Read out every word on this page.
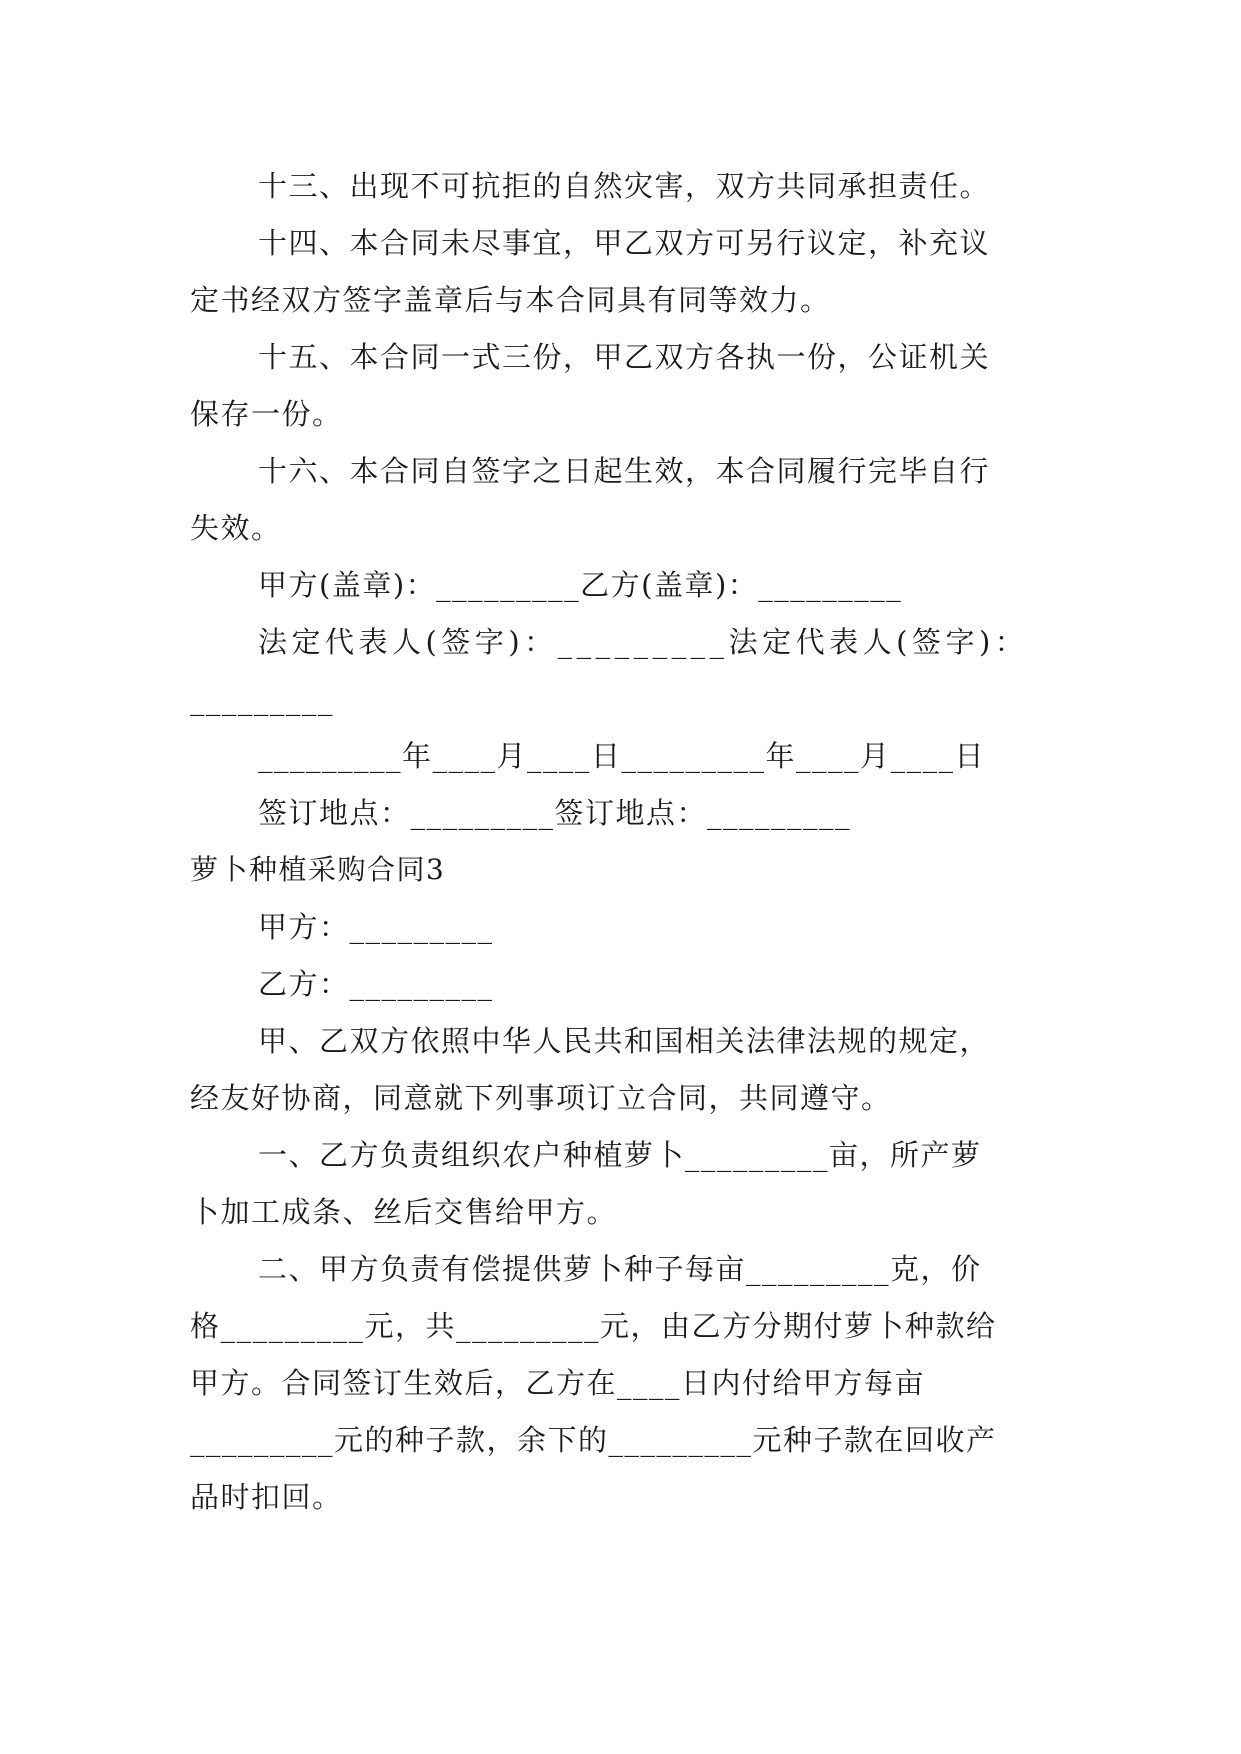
十三、出现不可抗拒的自然灾害，双方共同承担责任。
十四、本合同未尽事宜，甲乙双方可另行议定，补充议
定书经双方签字盖章后与本合同具有同等效力。
十五、本合同一式三份，甲乙双方各执一份，公证机关
保存一份。
十六、本合同自签字之日起生效，本合同履行完毕自行
失效。
甲方(盖章)：_________乙方(盖章)：_________
法定代表人(签字)：_________法定代表人(签字)：
_________
_________年____月____日_________年____月____日
签订地点：_________签订地点：_________
萝卜种植采购合同3
甲方：_________
乙方：_________
甲、乙双方依照中华人民共和国相关法律法规的规定，
经友好协商，同意就下列事项订立合同，共同遵守。
一、乙方负责组织农户种植萝卜_________亩，所产萝
卜加工成条、丝后交售给甲方。
二、甲方负责有偿提供萝卜种子每亩_________克，价
格_________元，共_________元，由乙方分期付萝卜种款给
甲方。合同签订生效后，乙方在____日内付给甲方每亩
_________元的种子款，余下的_________元种子款在回收产
品时扣回。
